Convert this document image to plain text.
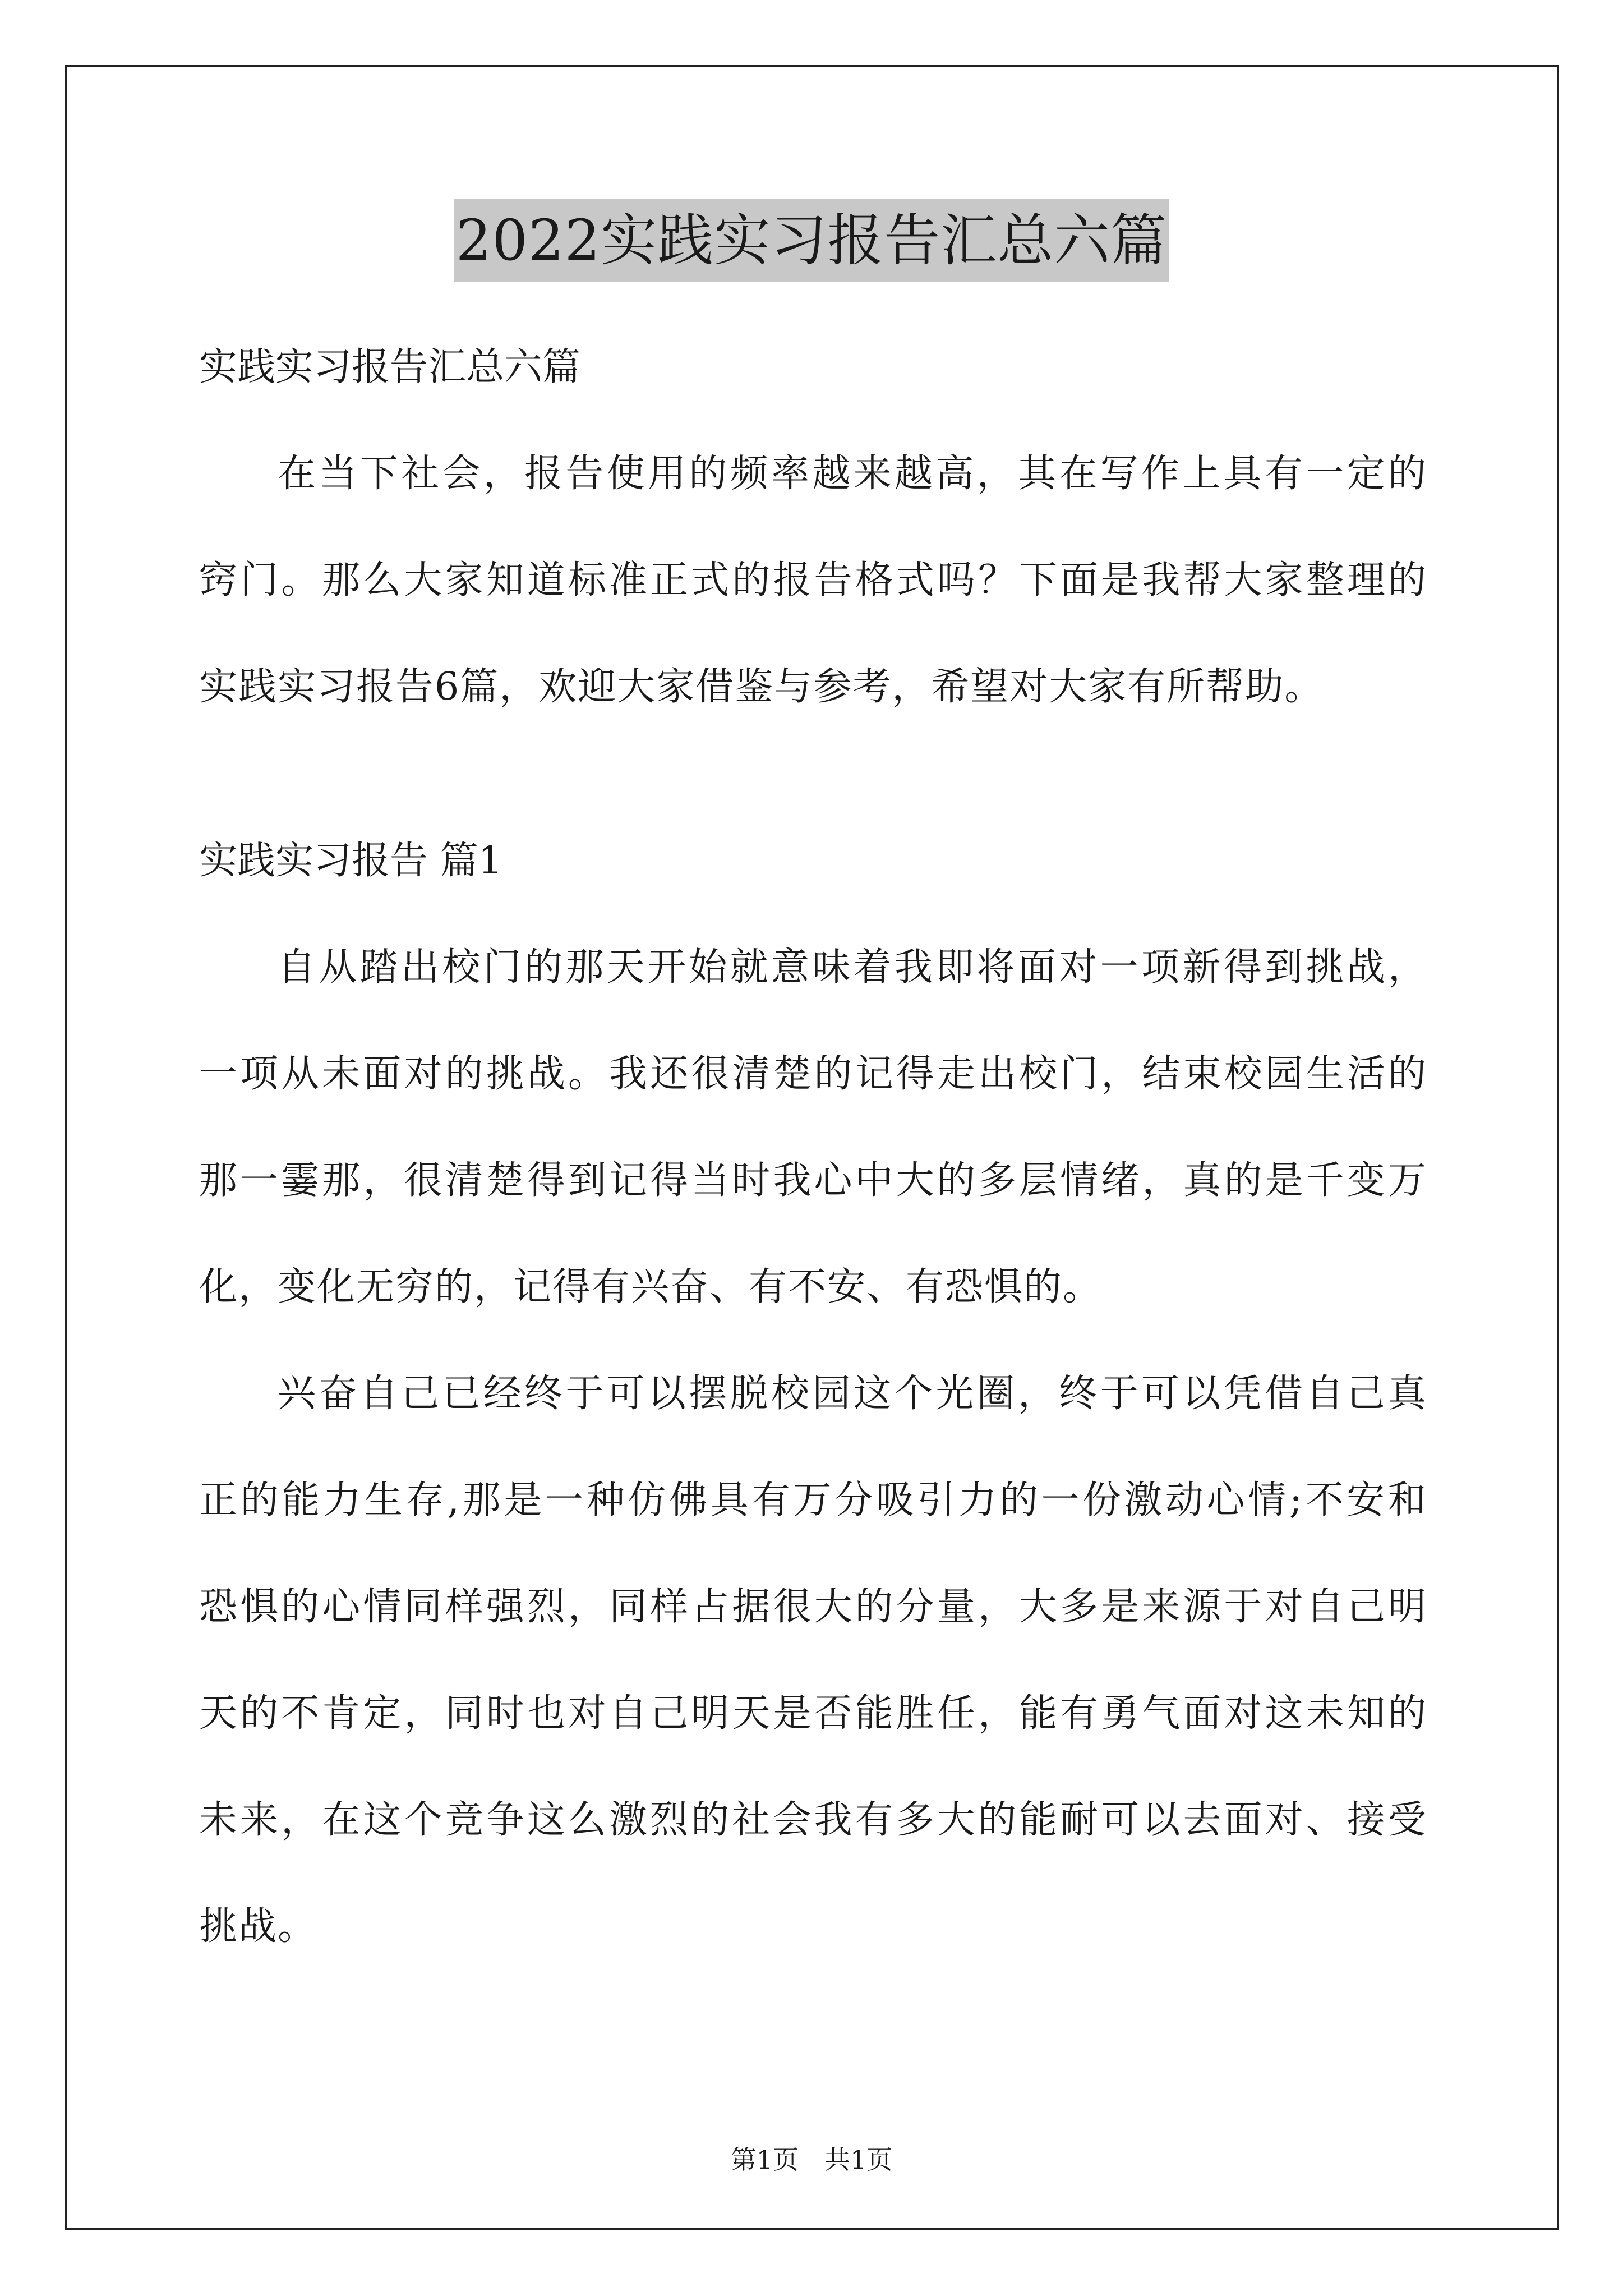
2022实践实习报告汇总六篇

实践实习报告汇总六篇

在当下社会，报告使用的频率越来越高，其在写作上具有一定的

窍门。那么大家知道标准正式的报告格式吗？下面是我帮大家整理的

实践实习报告6篇，欢迎大家借鉴与参考，希望对大家有所帮助。

实践实习报告 篇1

自从踏出校门的那天开始就意味着我即将面对一项新得到挑战，

一项从未面对的挑战。我还很清楚的记得走出校门，结束校园生活的

那一霎那，很清楚得到记得当时我心中大的多层情绪，真的是千变万

化，变化无穷的，记得有兴奋、有不安、有恐惧的。

兴奋自己已经终于可以摆脱校园这个光圈，终于可以凭借自己真

正的能力生存,那是一种仿佛具有万分吸引力的一份激动心情;不安和

恐惧的心情同样强烈，同样占据很大的分量，大多是来源于对自己明

天的不肯定，同时也对自己明天是否能胜任，能有勇气面对这未知的

未来，在这个竞争这么激烈的社会我有多大的能耐可以去面对、接受

挑战。

第1页　共1页
